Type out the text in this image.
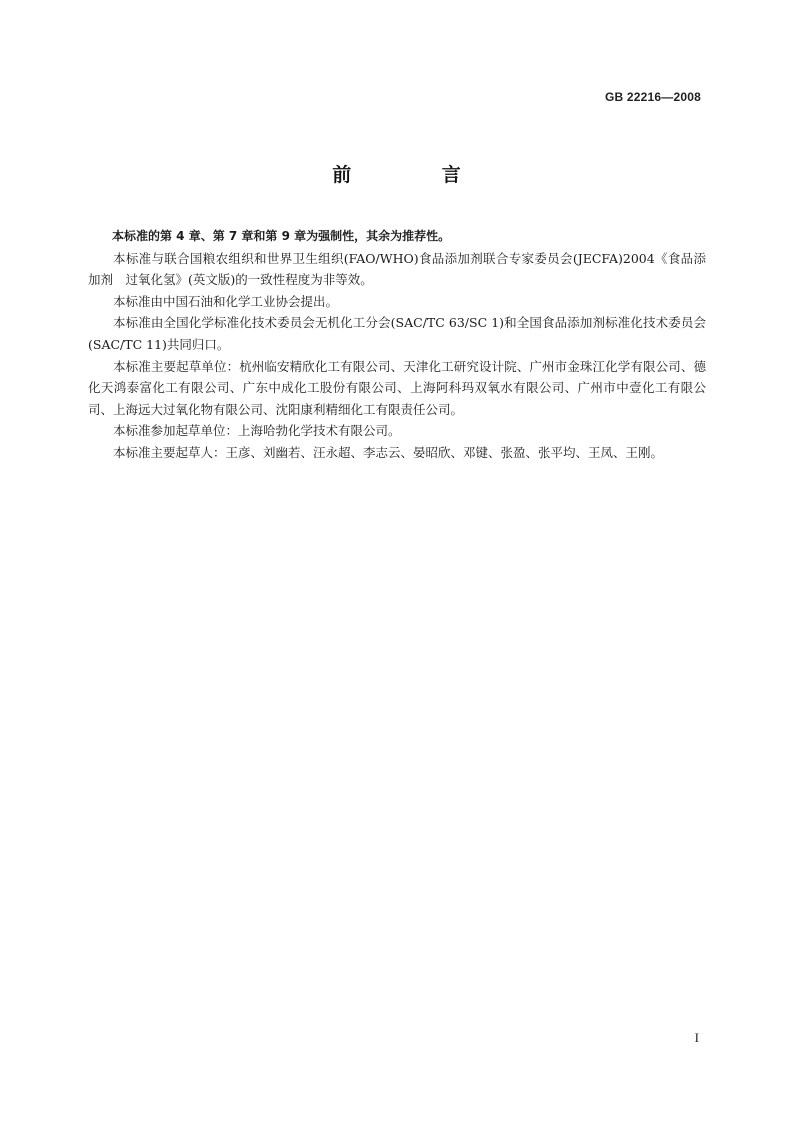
GB 22216—2008
前 言

本标准的第 4 章、第 7 章和第 9 章为强制性，其余为推荐性。

本标准与联合国粮农组织和世界卫生组织(FAO/WHO)食品添加剂联合专家委员会(JECFA)2004《食品添加剂　过氧化氢》(英文版)的一致性程度为非等效。

本标准由中国石油和化学工业协会提出。

本标准由全国化学标准化技术委员会无机化工分会(SAC/TC 63/SC 1)和全国食品添加剂标准化技术委员会(SAC/TC 11)共同归口。

本标准主要起草单位：杭州临安精欣化工有限公司、天津化工研究设计院、广州市金珠江化学有限公司、德化天鸿泰富化工有限公司、广东中成化工股份有限公司、上海阿科玛双氧水有限公司、广州市中壹化工有限公司、上海远大过氧化物有限公司、沈阳康利精细化工有限责任公司。

本标准参加起草单位：上海哈勃化学技术有限公司。

本标准主要起草人：王彦、刘幽若、汪永超、李志云、晏昭欣、邓键、张盈、张平均、王凤、王刚。

I
